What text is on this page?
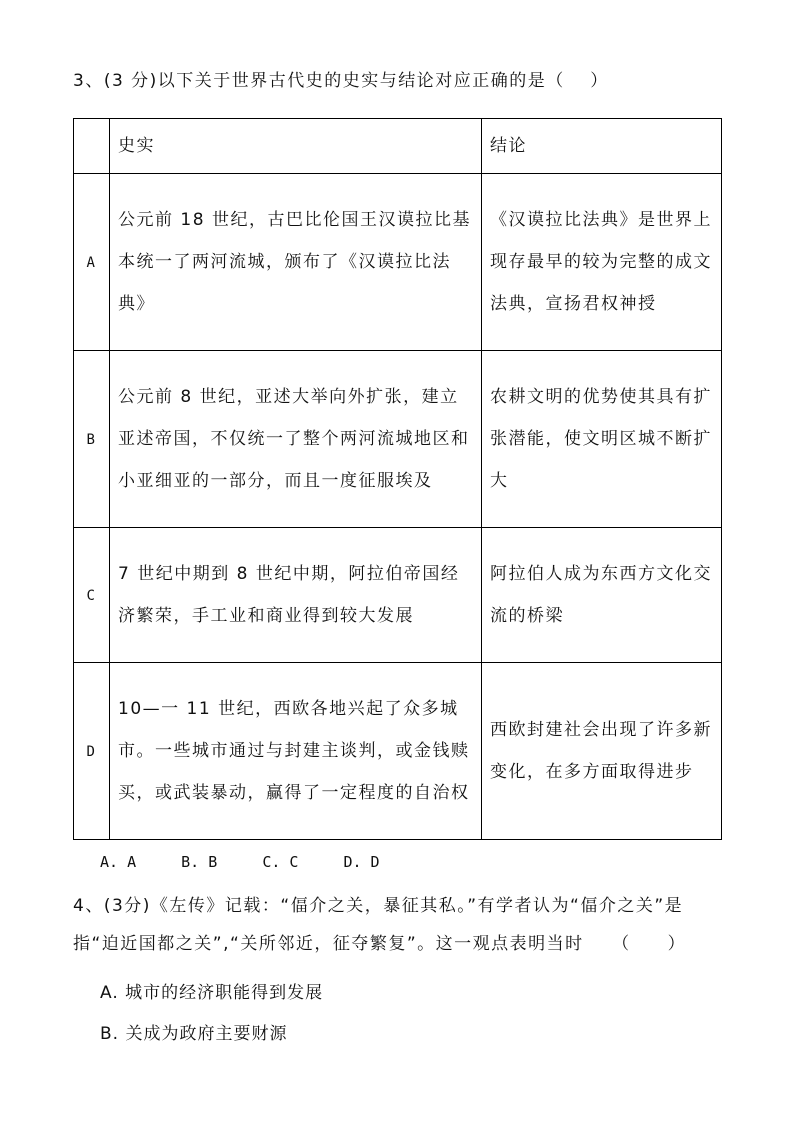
3、(3 分)以下关于世界古代史的史实与结论对应正确的是（　 ）
	史实	结论
A	公元前 18 世纪，古巴比伦国王汉谟拉比基本统一了两河流城，颁布了《汉谟拉比法典》	《汉谟拉比法典》是世界上现存最早的较为完整的成文法典，宣扬君权神授

B	公元前 8 世纪，亚述大举向外扩张，建立亚述帝国，不仅统一了整个两河流城地区和小亚细亚的一部分，而且一度征服埃及	农耕文明的优势使其具有扩张潜能，使文明区城不断扩大

C	7 世纪中期到 8 世纪中期，阿拉伯帝国经济繁荣，手工业和商业得到较大发展	阿拉伯人成为东西方文化交流的桥梁

D	10—一 11 世纪，西欧各地兴起了众多城市。一些城市通过与封建主谈判，或金钱赎买，或武装暴动，赢得了一定程度的自治权	西欧封建社会出现了许多新变化，在多方面取得进步
A. A	B. B	C. C	D. D
4、(3分)《左传》记载：“偪介之关，暴征其私。”有学者认为“偪介之关”是
指“迫近国都之关”,“关所邻近，征夺繁复”。这一观点表明当时　　（　　）
A. 城市的经济职能得到发展
B. 关成为政府主要财源
